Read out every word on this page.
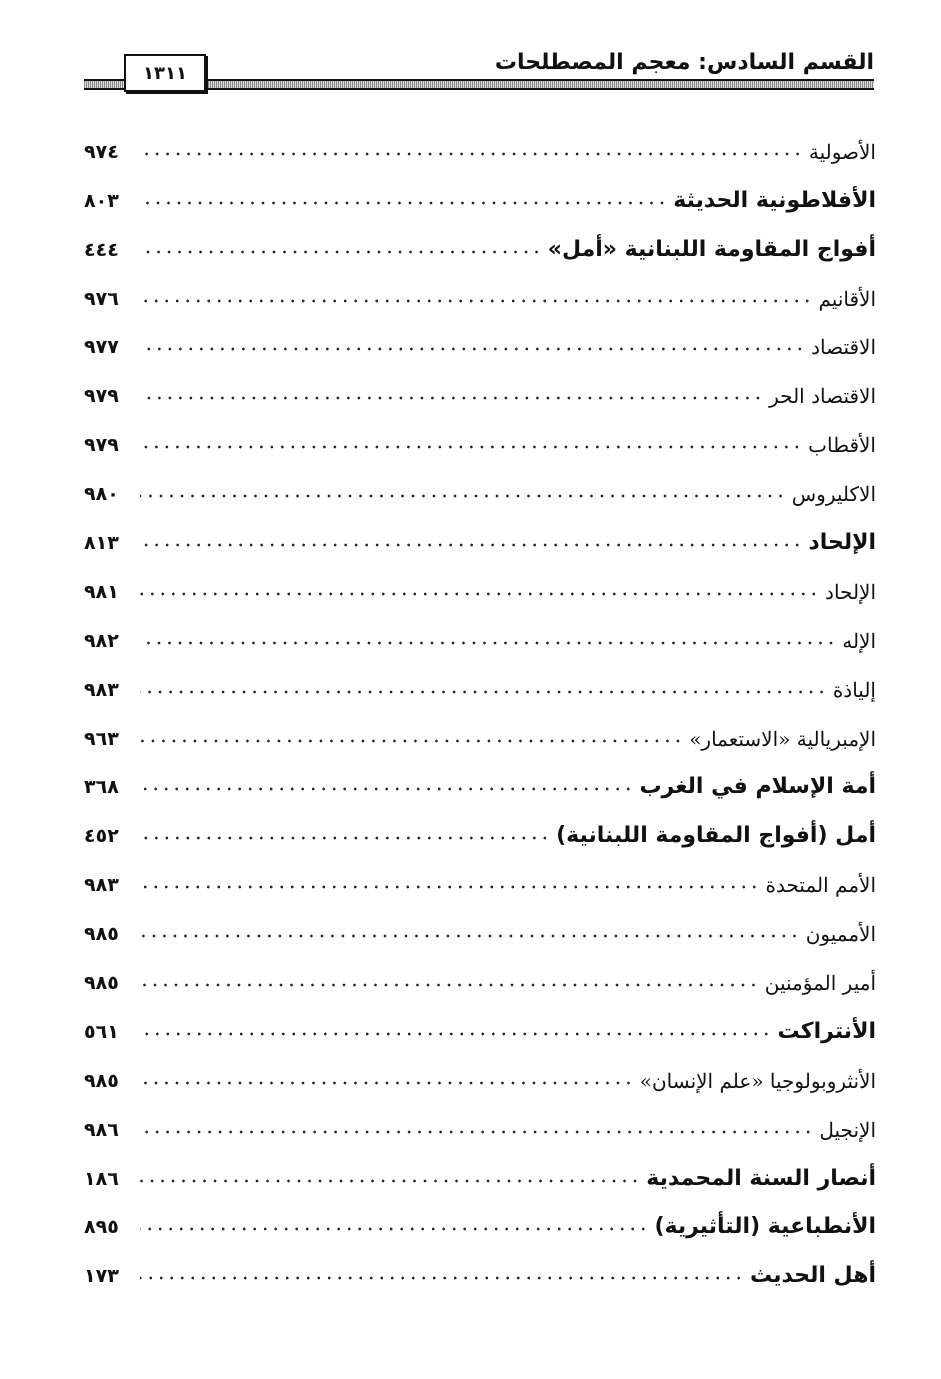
القسم السادس: معجم المصطلحات
١٣١١
الأصولية
٩٧٤
الأفلاطونية الحديثة
٨٠٣
أفواج المقاومة اللبنانية «أمل»
٤٤٤
الأقانيم
٩٧٦
الاقتصاد
٩٧٧
الاقتصاد الحر
٩٧٩
الأقطاب
٩٧٩
الاكليروس
٩٨٠
الإلحاد
٨١٣
الإلحاد
٩٨١
الإله
٩٨٢
إلياذة
٩٨٣
الإمبريالية «الاستعمار»
٩٦٣
أمة الإسلام في الغرب
٣٦٨
أمل (أفواج المقاومة اللبنانية)
٤٥٢
الأمم المتحدة
٩٨٣
الأمميون
٩٨٥
أمير المؤمنين
٩٨٥
الأنتراكت
٥٦١
الأنثروبولوجيا «علم الإنسان»
٩٨٥
الإنجيل
٩٨٦
أنصار السنة المحمدية
١٨٦
الأنطباعية (التأثيرية)
٨٩٥
أهل الحديث
١٧٣
